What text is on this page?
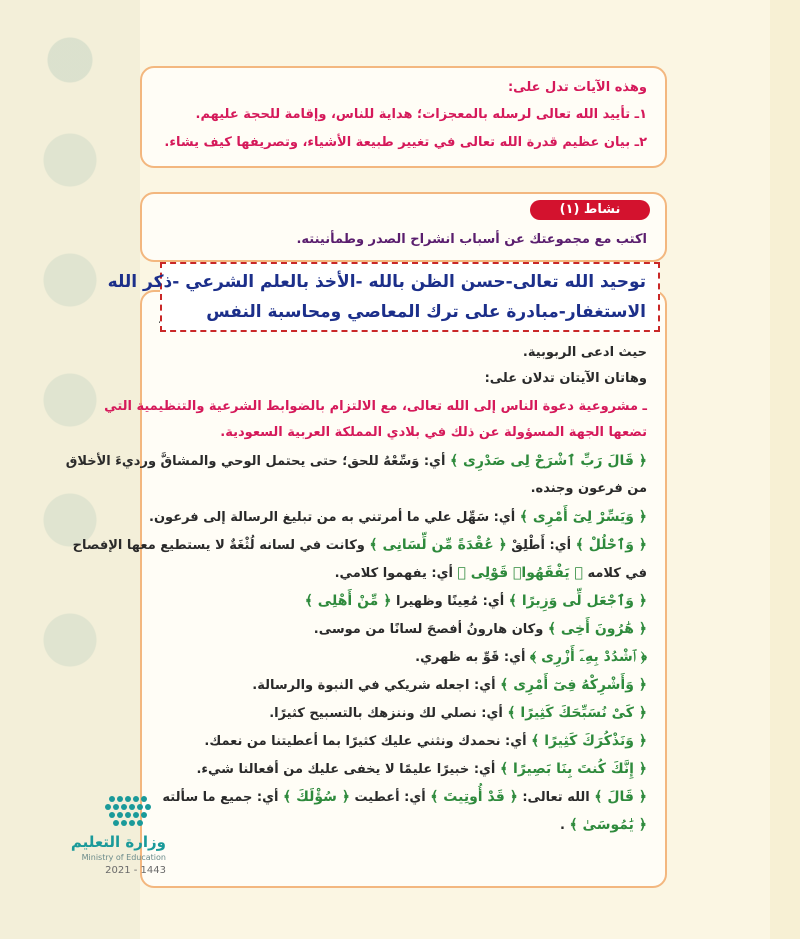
وهذه الآيات تدل على:
١ـ تأييد الله تعالى لرسله بالمعجزات؛ هداية للناس، وإقامة للحجة عليهم.
٢ـ بيان عظيم قدرة الله تعالى في تغيير طبيعة الأشياء، وتصريفها كيف يشاء.
اكتب مع مجموعتك عن أسباب انشراح الصدر وطمأنينته.
نشاط (١)
حيث ادعى الربوبية.
وهاتان الآيتان تدلان على:
ـ مشروعية دعوة الناس إلى الله تعالى، مع الالتزام بالضوابط الشرعية والتنظيمية التي
تضعها الجهة المسؤولة عن ذلك في بلادي المملكة العربية السعودية.
﴿ قَالَ رَبِّ ٱشْرَحْ لِى صَدْرِى ﴾ أي: وَسِّعْهُ للحق؛ حتى يحتمل الوحي والمشاقَّ ورديءَ الأخلاق
من فرعون وجنده.
﴿ وَيَسِّرْ لِىٓ أَمْرِى ﴾ أي: سَهِّل علي ما أمرتني به من تبليغ الرسالة إلى فرعون.
﴿ وَٱحْلُلْ ﴾ أي: أَطْلِقْ ﴿ عُقْدَةً مِّن لِّسَانِى ﴾ وكانت في لسانه لُثْغَةٌ لا يستطيع معها الإفصاح
في كلامه ﴿ يَفْقَهُوا۟ قَوْلِى ﴾ أي: يفهموا كلامي.
﴿ وَٱجْعَل لِّى وَزِيرًا ﴾ أي: مُعِينًا وظهيرا ﴿ مِّنْ أَهْلِى ﴾
﴿ هَٰرُونَ أَخِى ﴾ وكان هارونُ أفصحَ لسانًا من موسى.
﴿ ٱشْدُدْ بِهِۦٓ أَزْرِى ﴾ أي: قَوِّ به ظهري.
﴿ وَأَشْرِكْهُ فِىٓ أَمْرِى ﴾ أي: اجعله شريكي في النبوة والرسالة.
﴿ كَىْ نُسَبِّحَكَ كَثِيرًا ﴾ أي: نصلي لك وننزهك بالتسبيح كثيرًا.
﴿ وَنَذْكُرَكَ كَثِيرًا ﴾ أي: نحمدك ونثني عليك كثيرًا بما أعطيتنا من نعمك.
﴿ إِنَّكَ كُنتَ بِنَا بَصِيرًا ﴾ أي: خبيرًا عليمًا لا يخفى عليك من أفعالنا شيء.
﴿ قَالَ ﴾ الله تعالى: ﴿ قَدْ أُوتِيتَ ﴾ أي: أعطيت ﴿ سُؤْلَكَ ﴾ أي: جميع ما سألته
﴿ يَٰمُوسَىٰ ﴾ .
توحيد الله تعالى-حسن الظن بالله -الأخذ بالعلم الشرعي -ذكر الله
الاستغفار-مبادرة على ترك المعاصي ومحاسبة النفس
وزارة التعليم
Ministry of Education
2021 - 1443
